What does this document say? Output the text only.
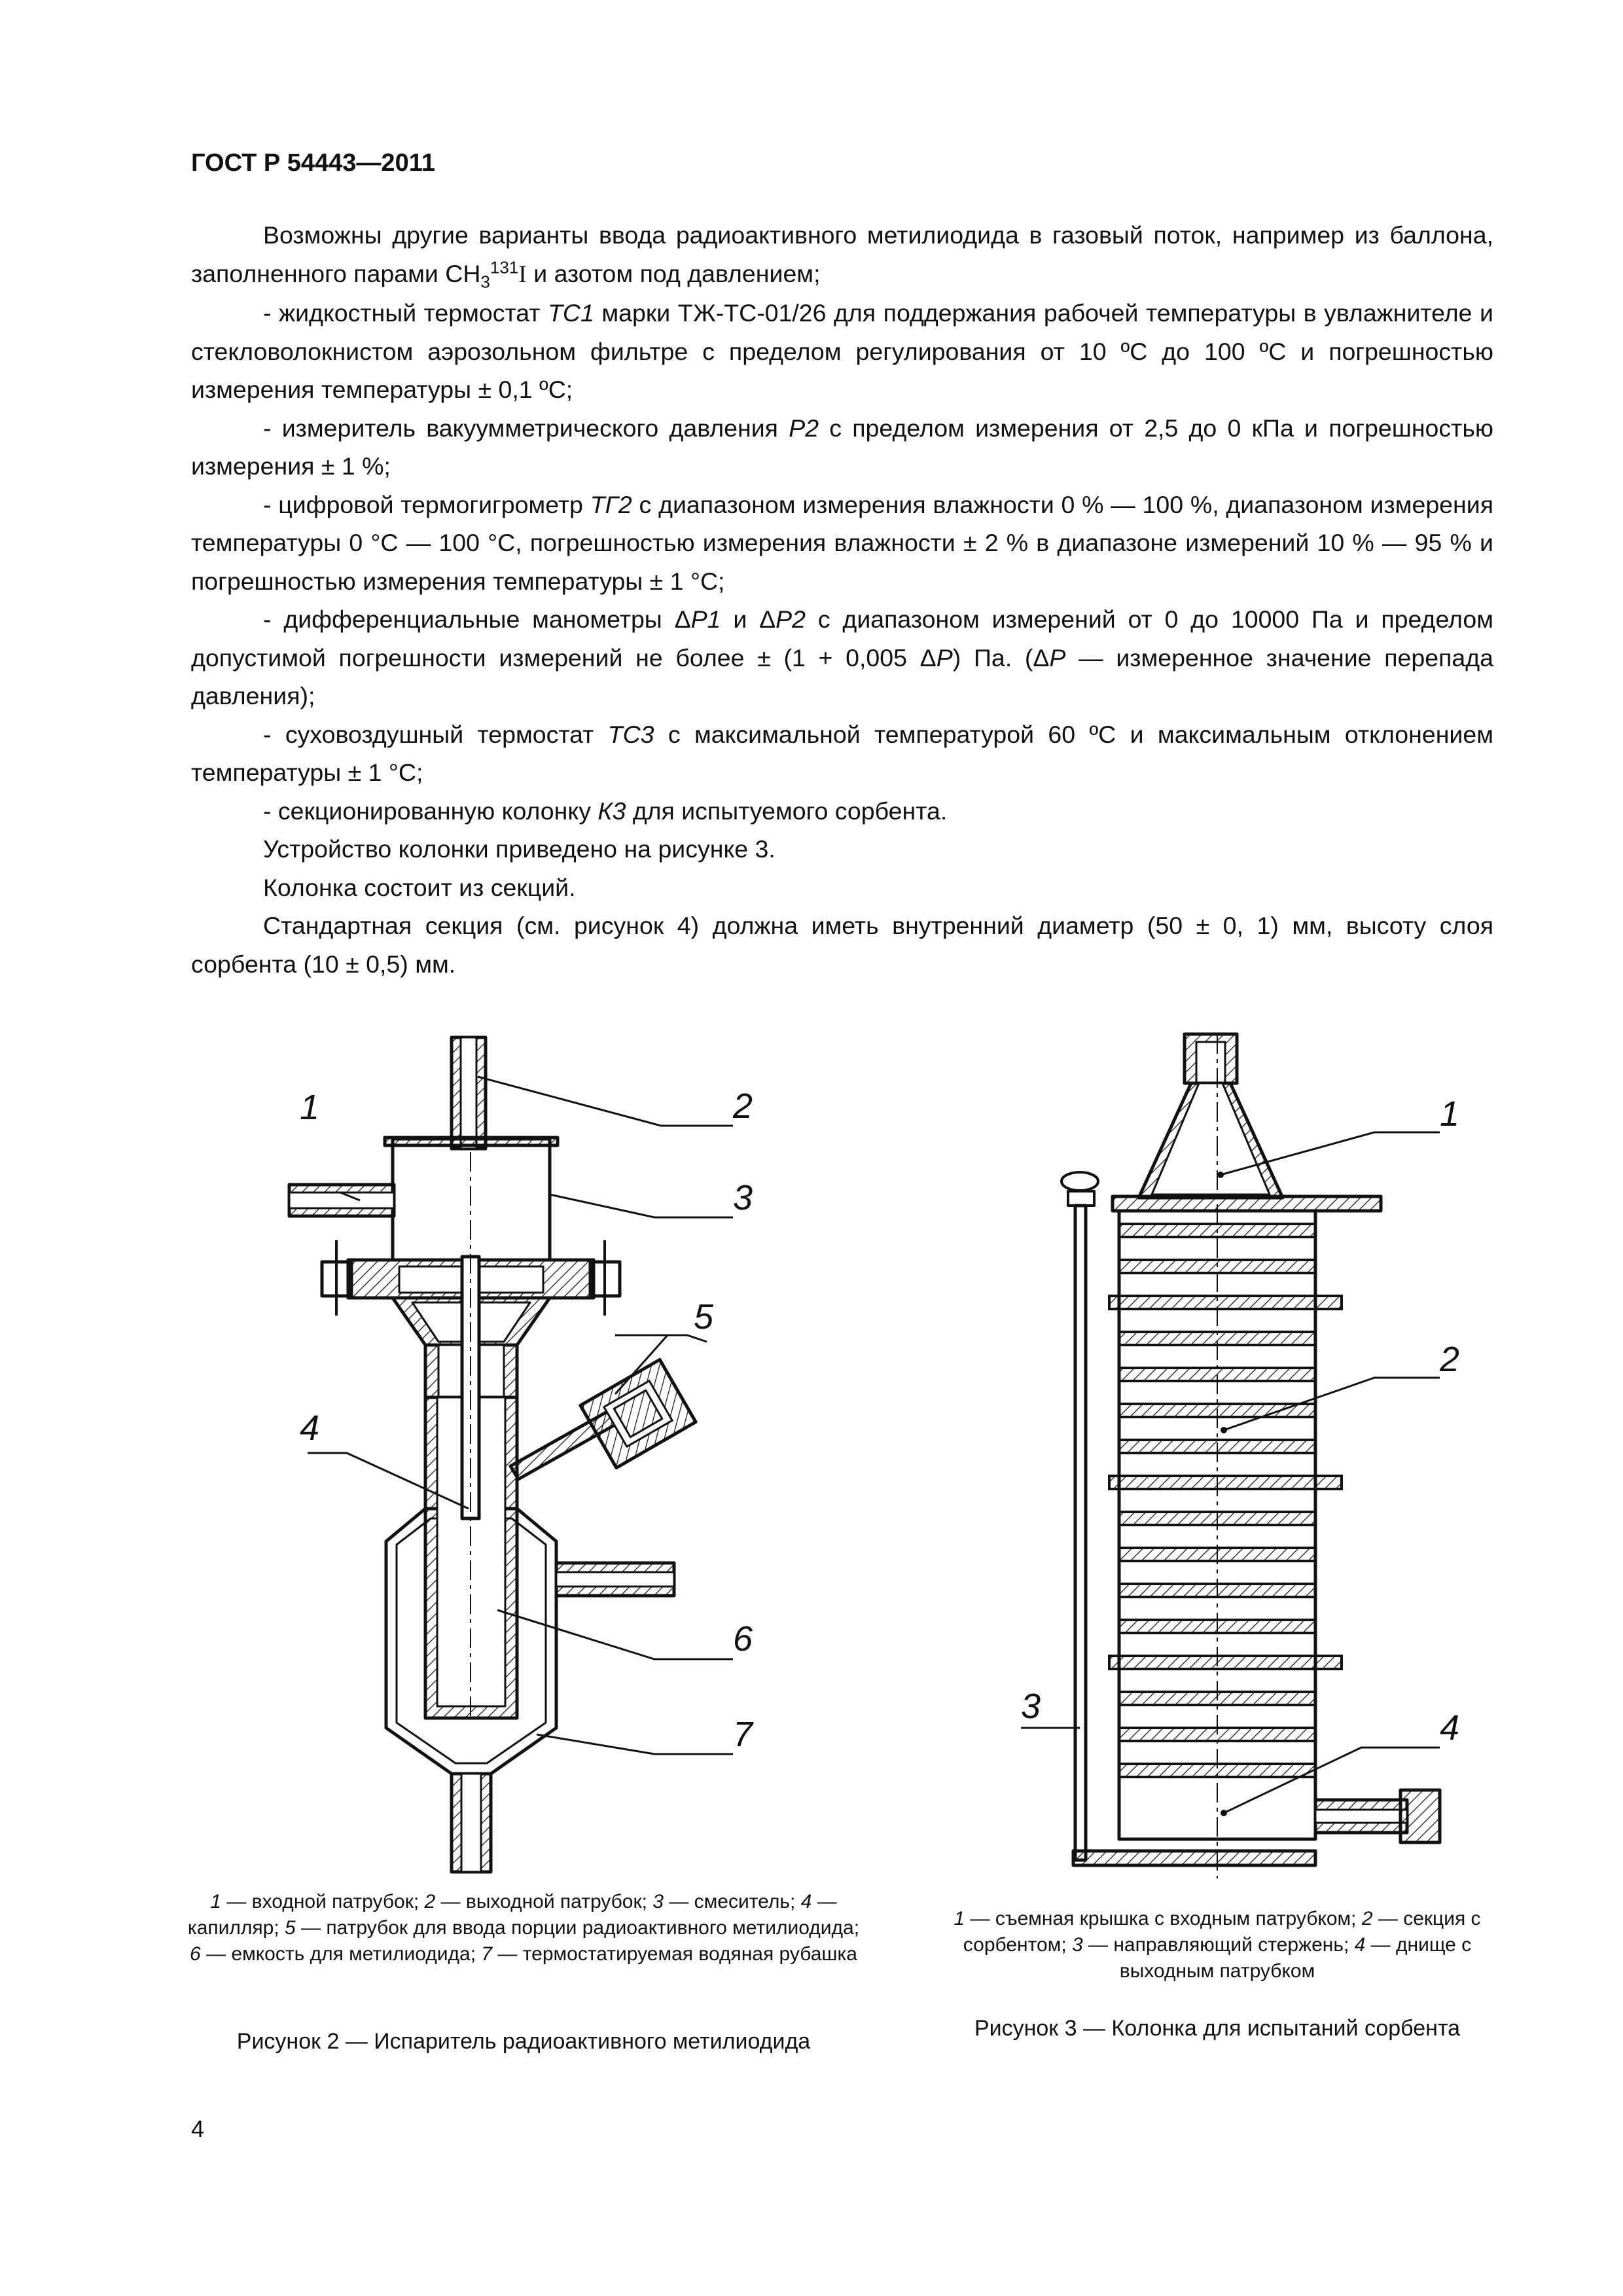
ГОСТ Р 54443—2011

Возможны другие варианты ввода радиоактивного метилиодида в газовый поток, например из баллона, заполненного парами $CH_3^{131}I$ и азотом под давлением;

- жидкостный термостат ТС1 марки ТЖ-ТС-01/26 для поддержания рабочей температуры в увлажнителе и стекловолокнистом аэрозольном фильтре с пределом регулирования от 10 ºС до 100 ºС и погрешностью измерения температуры ± 0,1 ºС;

- измеритель вакуумметрического давления Р2 с пределом измерения от 2,5 до 0 кПа и погрешностью измерения ± 1 %;

- цифровой термогигрометр ТГ2 с диапазоном измерения влажности 0 % — 100 %, диапазоном измерения температуры 0 °С — 100 °С, погрешностью измерения влажности ± 2 % в диапазоне измерений 10 % — 95 % и погрешностью измерения температуры ± 1 °С;

- дифференциальные манометры ΔР1 и ΔР2 с диапазоном измерений от 0 до 10000 Па и пределом допустимой погрешности измерений не более ± (1 + 0,005 ΔР) Па. (ΔР — измеренное значение перепада давления);

- суховоздушный термостат ТС3 с максимальной температурой 60 ºС и максимальным отклонением температуры ± 1 °С;

- секционированную колонку К3 для испытуемого сорбента.

Устройство колонки приведено на рисунке 3.

Колонка состоит из секций.

Стандартная секция (см. рисунок 4) должна иметь внутренний диаметр (50 ± 0, 1) мм, высоту слоя сорбента (10 ± 0,5) мм.

1	2
3
5
4
6
7
1 — входной патрубок; 2 — выходной патрубок; 3 — смеситель; 4 — капилляр; 5 — патрубок для ввода порции радиоактивного метилиодида; 6 — емкость для метилиодида; 7 — термостатируемая водяная рубашка
Рисунок 2 — Испаритель радиоактивного метилиодида
1
2
3
4
1 — съемная крышка с входным патрубком; 2 — секция с сорбентом; 3 — направляющий стержень; 4 — днище с выходным патрубком
Рисунок 3 — Колонка для испытаний сорбента
4
